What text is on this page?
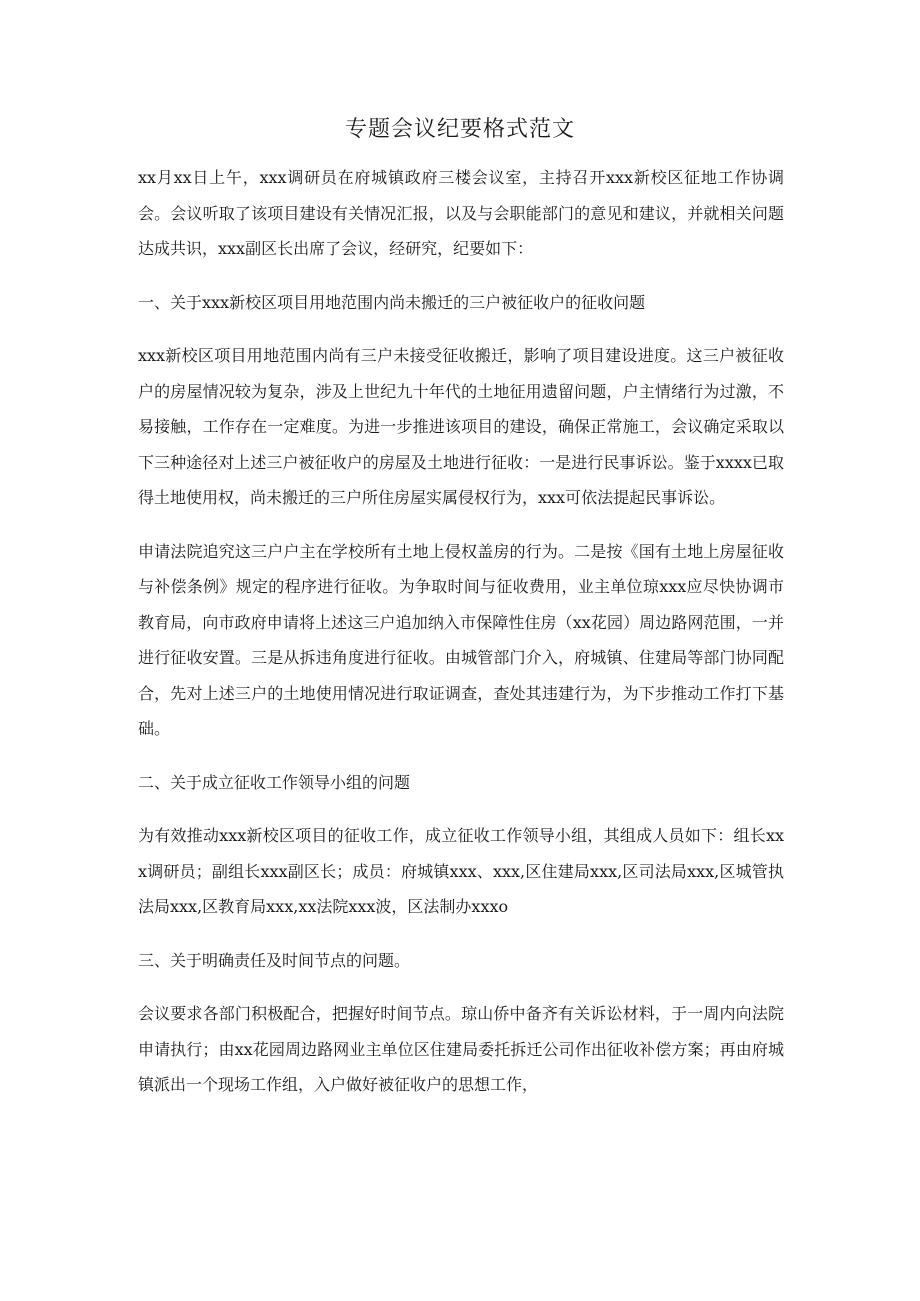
专题会议纪要格式范文

xx月xx日上午，xxx调研员在府城镇政府三楼会议室，主持召开xxx新校区征地工作协调会。会议听取了该项目建设有关情况汇报，以及与会职能部门的意见和建议，并就相关问题达成共识，xxx副区长出席了会议，经研究，纪要如下：

一、关于xxx新校区项目用地范围内尚未搬迁的三户被征收户的征收问题

xxx新校区项目用地范围内尚有三户未接受征收搬迁，影响了项目建设进度。这三户被征收户的房屋情况较为复杂，涉及上世纪九十年代的土地征用遗留问题，户主情绪行为过激，不易接触，工作存在一定难度。为进一步推进该项目的建设，确保正常施工，会议确定采取以下三种途径对上述三户被征收户的房屋及土地进行征收：一是进行民事诉讼。鉴于xxxx已取得土地使用权，尚未搬迁的三户所住房屋实属侵权行为，xxx可依法提起民事诉讼。

申请法院追究这三户户主在学校所有土地上侵权盖房的行为。二是按《国有土地上房屋征收与补偿条例》规定的程序进行征收。为争取时间与征收费用，业主单位琼xxx应尽快协调市教育局，向市政府申请将上述这三户追加纳入市保障性住房（xx花园）周边路网范围，一并进行征收安置。三是从拆违角度进行征收。由城管部门介入，府城镇、住建局等部门协同配合，先对上述三户的土地使用情况进行取证调查，查处其违建行为，为下步推动工作打下基础。

二、关于成立征收工作领导小组的问题

为有效推动xxx新校区项目的征收工作，成立征收工作领导小组，其组成人员如下：组长xxx调研员；副组长xxx副区长；成员：府城镇xxx、xxx,区住建局xxx,区司法局xxx,区城管执法局xxx,区教育局xxx,xx法院xxx波，区法制办xxxo

三、关于明确责任及时间节点的问题。

会议要求各部门积极配合，把握好时间节点。琼山侨中备齐有关诉讼材料，于一周内向法院申请执行；由xx花园周边路网业主单位区住建局委托拆迁公司作出征收补偿方案；再由府城镇派出一个现场工作组，入户做好被征收户的思想工作，
